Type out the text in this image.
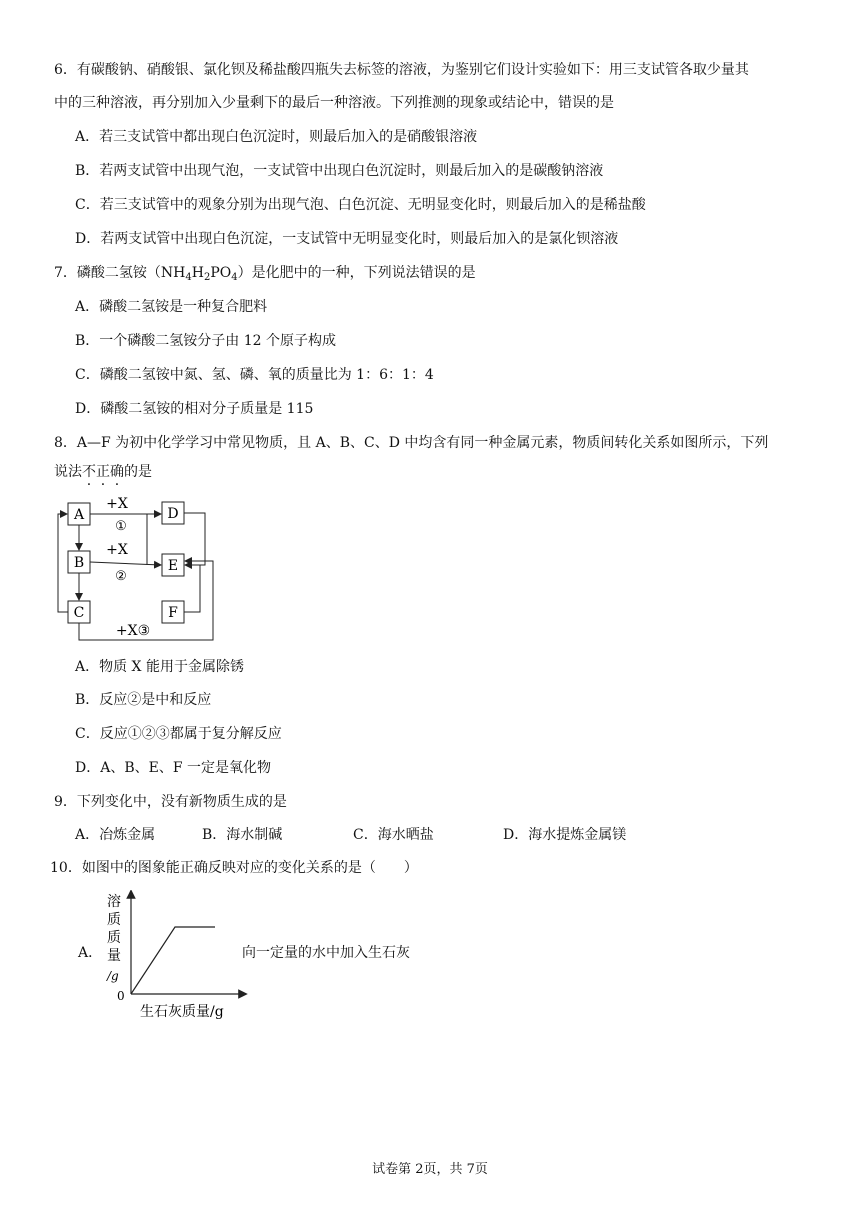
6．有碳酸钠、硝酸银、氯化钡及稀盐酸四瓶失去标签的溶液，为鉴别它们设计实验如下：用三支试管各取少量其
中的三种溶液，再分别加入少量剩下的最后一种溶液。下列推测的现象或结论中，错误的是
A．若三支试管中都出现白色沉淀时，则最后加入的是硝酸银溶液
B．若两支试管中出现气泡，一支试管中出现白色沉淀时，则最后加入的是碳酸钠溶液
C．若三支试管中的观象分别为出现气泡、白色沉淀、无明显变化时，则最后加入的是稀盐酸
D．若两支试管中出现白色沉淀，一支试管中无明显变化时，则最后加入的是氯化钡溶液
7．磷酸二氢铵$(NH_4H_2PO_4)$是化肥中的一种，下列说法错误的是
A．磷酸二氢铵是一种复合肥料
B．一个磷酸二氢铵分子由 12 个原子构成
C．磷酸二氢铵中氮、氢、磷、氧的质量比为 1：6：1：4
D．磷酸二氢铵的相对分子质量是 115
8．A—F 为初中化学学习中常见物质，且 A、B、C、D 中均含有同一种金属元素，物质间转化关系如图所示，下列
说法不正确的是
A
B
C
D
E
F
+X
①
+X
②
+X③
A．物质 X 能用于金属除锈
B．反应②是中和反应
C．反应①②③都属于复分解反应
D．A、B、E、F 一定是氧化物
9．下列变化中，没有新物质生成的是
A．冶炼金属	B．海水制碱	C．海水晒盐	D．海水提炼金属镁
10．如图中的图象能正确反映对应的变化关系的是（　　）
A．
溶
质
质
量
/g
0
生石灰质量/g
向一定量的水中加入生石灰
试卷第 2页，共 7页
